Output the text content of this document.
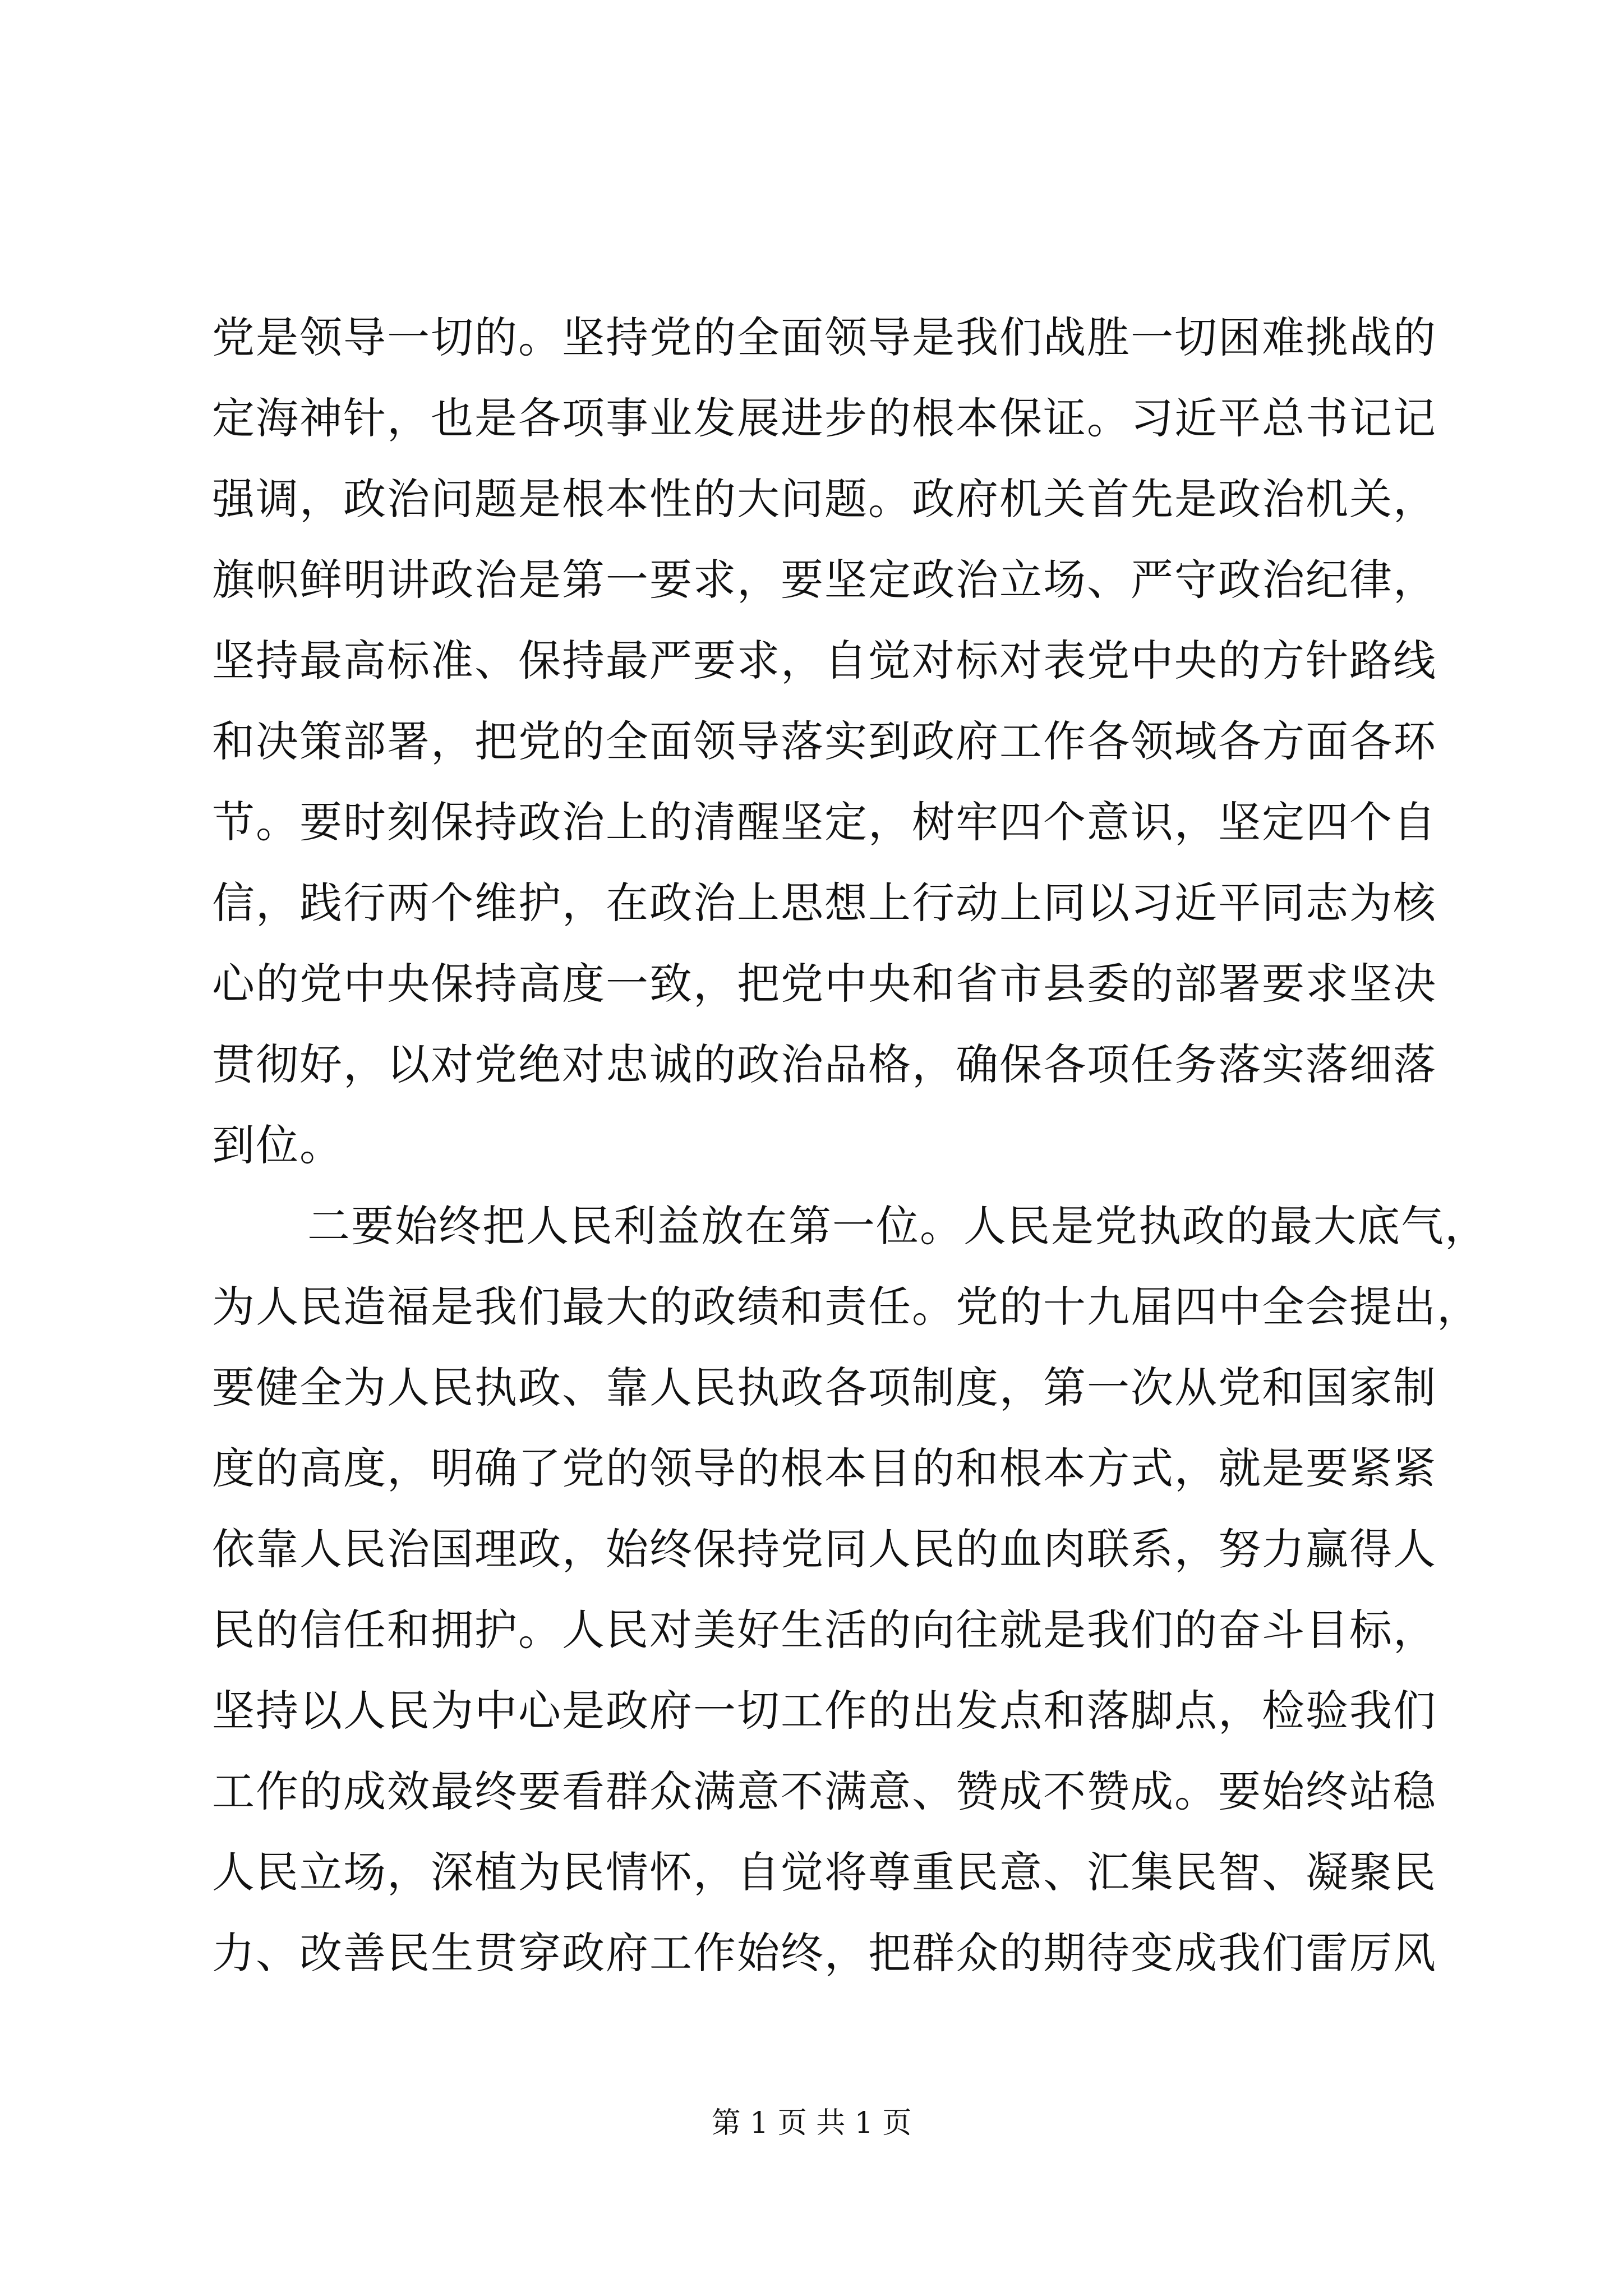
党是领导一切的。坚持党的全面领导是我们战胜一切困难挑战的
定海神针，也是各项事业发展进步的根本保证。习近平总书记记
强调，政治问题是根本性的大问题。政府机关首先是政治机关，
旗帜鲜明讲政治是第一要求，要坚定政治立场、严守政治纪律，
坚持最高标准、保持最严要求，自觉对标对表党中央的方针路线
和决策部署，把党的全面领导落实到政府工作各领域各方面各环
节。要时刻保持政治上的清醒坚定，树牢四个意识，坚定四个自
信，践行两个维护，在政治上思想上行动上同以习近平同志为核
心的党中央保持高度一致，把党中央和省市县委的部署要求坚决
贯彻好，以对党绝对忠诚的政治品格，确保各项任务落实落细落
到位。
二要始终把人民利益放在第一位。人民是党执政的最大底气，
为人民造福是我们最大的政绩和责任。党的十九届四中全会提出，
要健全为人民执政、靠人民执政各项制度，第一次从党和国家制
度的高度，明确了党的领导的根本目的和根本方式，就是要紧紧
依靠人民治国理政，始终保持党同人民的血肉联系，努力赢得人
民的信任和拥护。人民对美好生活的向往就是我们的奋斗目标，
坚持以人民为中心是政府一切工作的出发点和落脚点，检验我们
工作的成效最终要看群众满意不满意、赞成不赞成。要始终站稳
人民立场，深植为民情怀，自觉将尊重民意、汇集民智、凝聚民
力、改善民生贯穿政府工作始终，把群众的期待变成我们雷厉风
第 1 页 共 1 页
